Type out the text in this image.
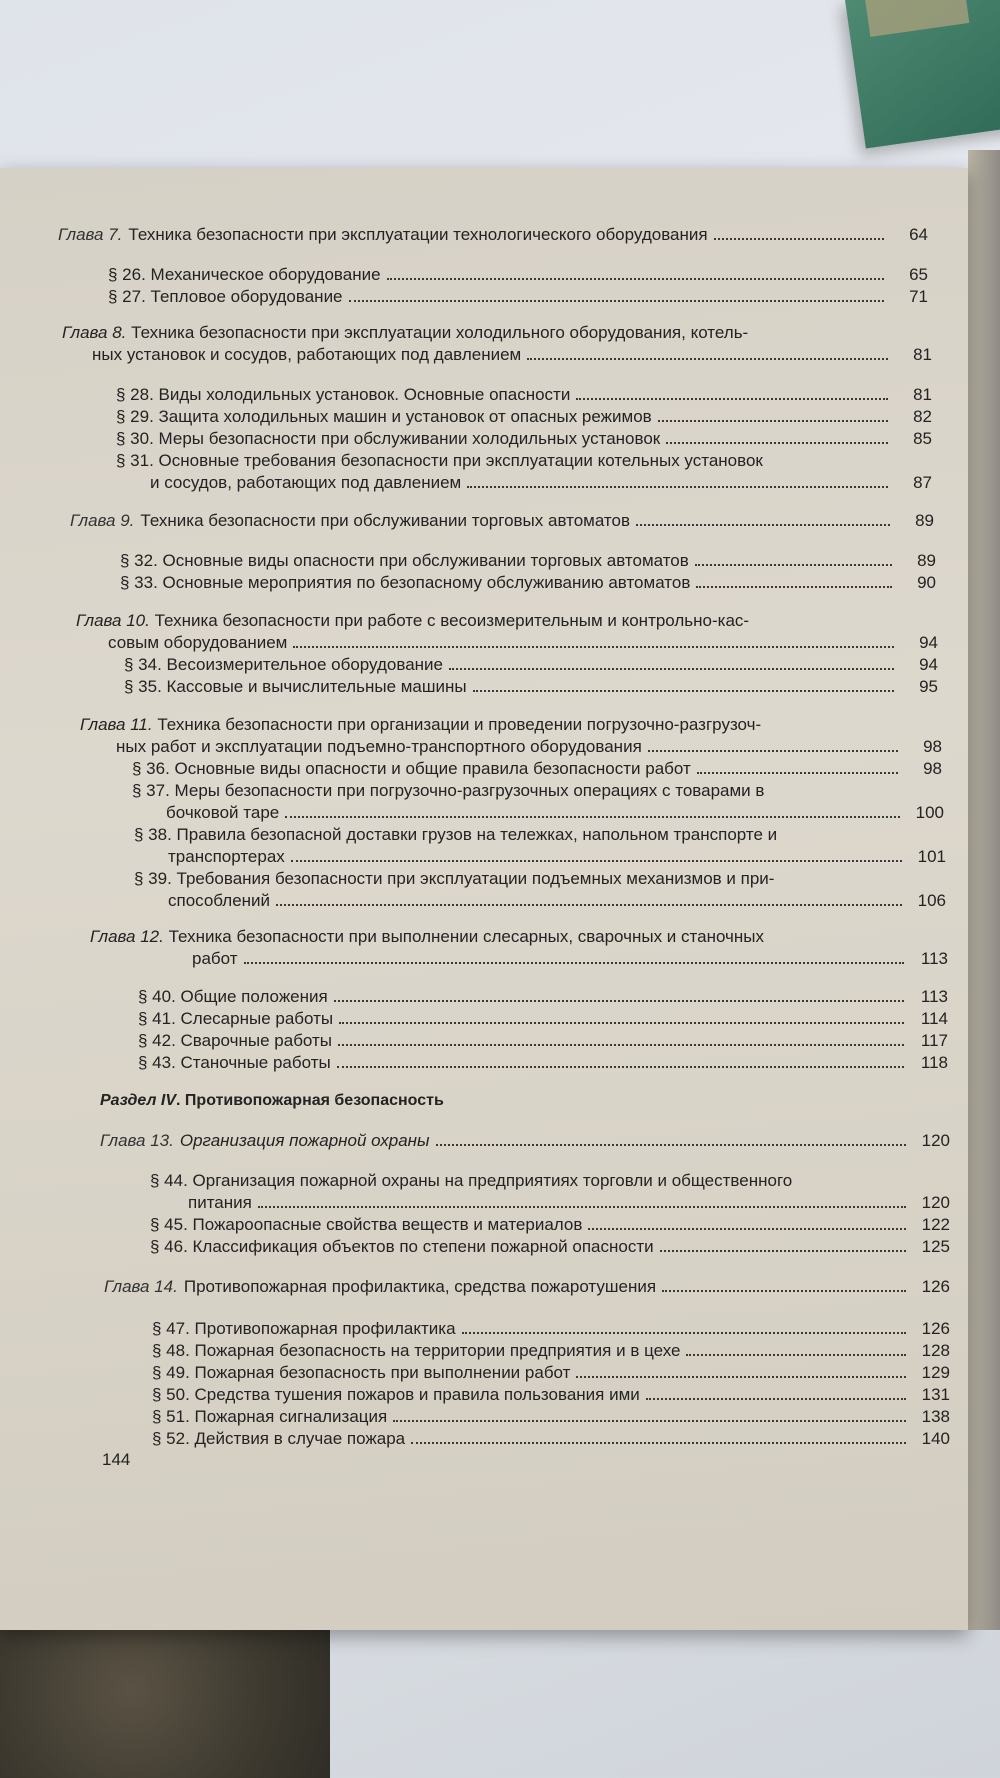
Глава 7. Техника безопасности при эксплуатации технологического оборудования	64
§ 26. Механическое оборудование	65
§ 27. Тепловое оборудование	71
Глава 8. Техника безопасности при эксплуатации холодильного оборудования, котель-
ных установок и сосудов, работающих под давлением	81
§ 28. Виды холодильных установок. Основные опасности	81
§ 29. Защита холодильных машин и установок от опасных режимов	82
§ 30. Меры безопасности при обслуживании холодильных установок	85
§ 31. Основные требования безопасности при эксплуатации котельных установок
и сосудов, работающих под давлением	87
Глава 9. Техника безопасности при обслуживании торговых автоматов	89
§ 32. Основные виды опасности при обслуживании торговых автоматов	89
§ 33. Основные мероприятия по безопасному обслуживанию автоматов	90
Глава 10. Техника безопасности при работе с весоизмерительным и контрольно-кас-
совым оборудованием	94
§ 34. Весоизмерительное оборудование	94
§ 35. Кассовые и вычислительные машины	95
Глава 11. Техника безопасности при организации и проведении погрузочно-разгрузоч-
ных работ и эксплуатации подъемно-транспортного оборудования	98
§ 36. Основные виды опасности и общие правила безопасности работ	98
§ 37. Меры безопасности при погрузочно-разгрузочных операциях с товарами в
бочковой таре	100
§ 38. Правила безопасной доставки грузов на тележках, напольном транспорте и
транспортерах	101
§ 39. Требования безопасности при эксплуатации подъемных механизмов и при-
способлений	106
Глава 12. Техника безопасности при выполнении слесарных, сварочных и станочных
работ	113
§ 40. Общие положения	113
§ 41. Слесарные работы	114
§ 42. Сварочные работы	117
§ 43. Станочные работы	118
Раздел IV. Противопожарная безопасность
Глава 13. Организация пожарной охраны	120
§ 44. Организация пожарной охраны на предприятиях торговли и общественного
питания	120
§ 45. Пожароопасные свойства веществ и материалов	122
§ 46. Классификация объектов по степени пожарной опасности	125
Глава 14. Противопожарная профилактика, средства пожаротушения	126
§ 47. Противопожарная профилактика	126
§ 48. Пожарная безопасность на территории предприятия и в цехе	128
§ 49. Пожарная безопасность при выполнении работ	129
§ 50. Средства тушения пожаров и правила пользования ими	131
§ 51. Пожарная сигнализация	138
§ 52. Действия в случае пожара	140
144
